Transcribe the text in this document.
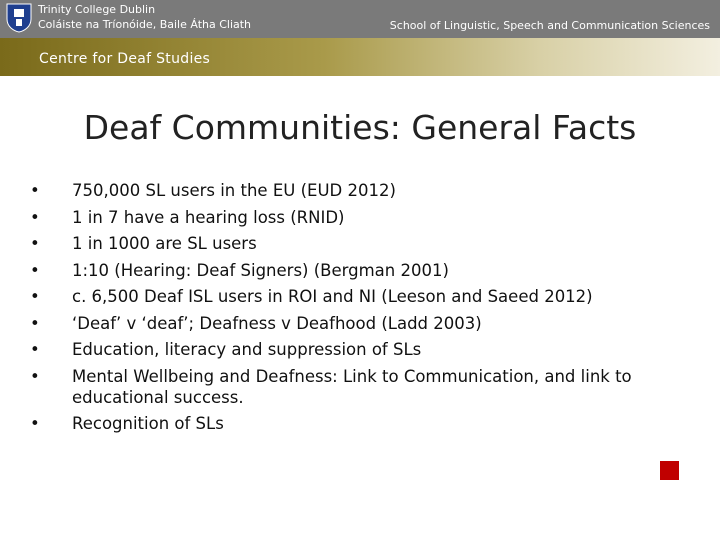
Trinity College Dublin
Coláiste na Tríonóide, Baile Átha Cliath	School of Linguistic, Speech and Communication Sciences
Centre for Deaf Studies
Deaf Communities: General Facts
• 750,000 SL users in the EU (EUD 2012)
• 1 in 7 have a hearing loss (RNID)
• 1 in 1000 are SL users
• 1:10 (Hearing: Deaf Signers) (Bergman 2001)
• c. 6,500 Deaf ISL users in ROI and NI (Leeson and Saeed 2012)
• ‘Deaf’ v ‘deaf’; Deafness v Deafhood (Ladd 2003)
• Education, literacy and suppression of SLs
• Mental Wellbeing and Deafness: Link to Communication, and link to
educational success.
• Recognition of SLs
